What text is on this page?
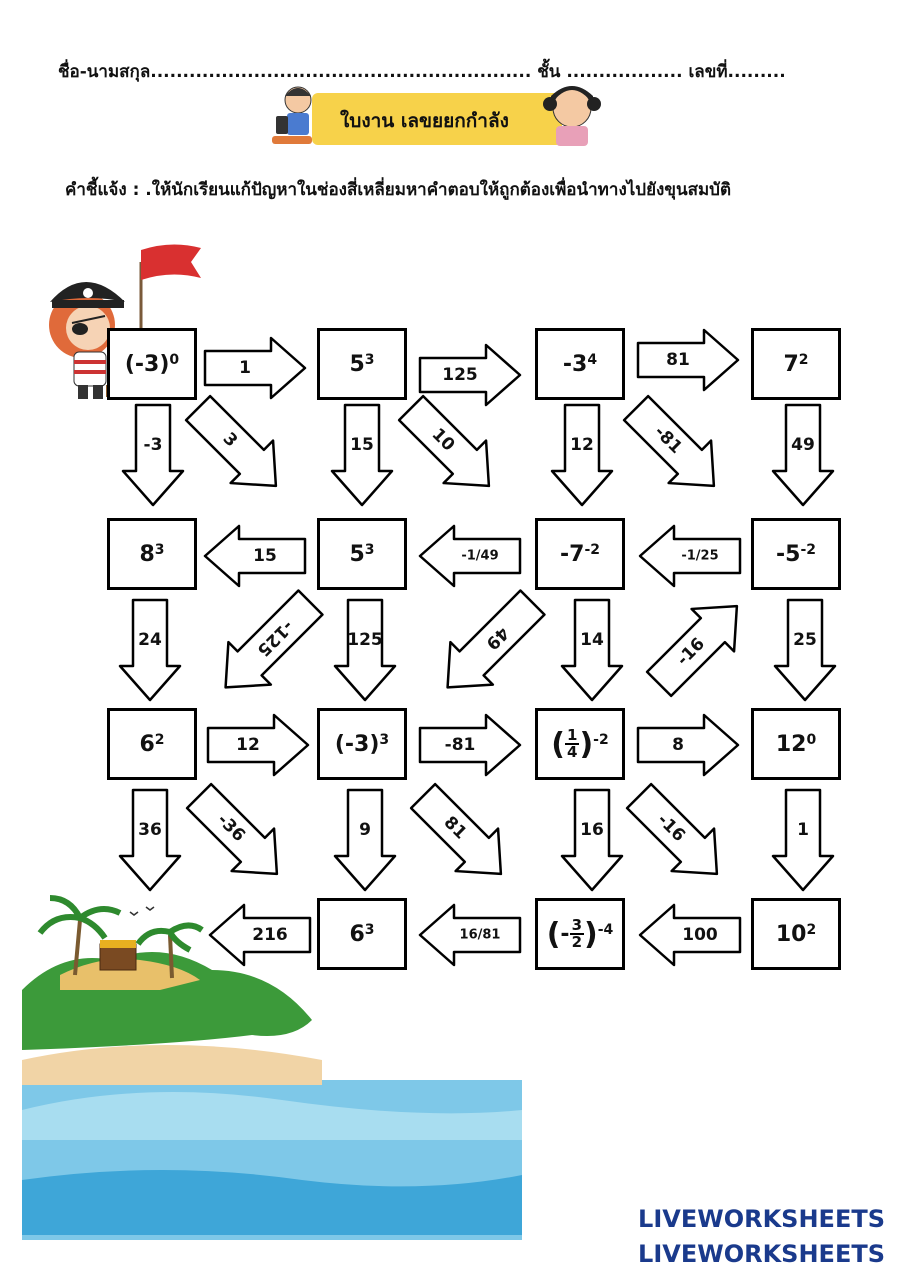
ชื่อ-นามสกุล........................................................... ชั้น .................. เลขที่.........
ใบงาน เลขยยกกำลัง
คำชี้แจ้ง : .ให้นักเรียนแก้ปัญหาในช่องสี่เหลี่ยมหาคำตอบให้ถูกต้องเพื่อนำทางไปยังขุนสมบัติ
$(-3)^0$	$5^3$	$-3^4$	$7^2$
$8^3$	$5^3$	$-7^{-2}$	$-5^{-2}$
$6^2$	$(-3)^3$	( $\frac{1}{4} )^{-2}$	$12^0$
$6^3$	( - $\frac{3}{2} )^{-4}$	$10^2$
1	125
81
-3	3	15	10	12	-81	49
15	-1/49	-1/25
24	-125	125	49	14	-16	25
12	-81	8
36	-36	9	81	16	-16	1
216	16/81	100
LIVEWORKSHEETS
LIVEWORKSHEETS
